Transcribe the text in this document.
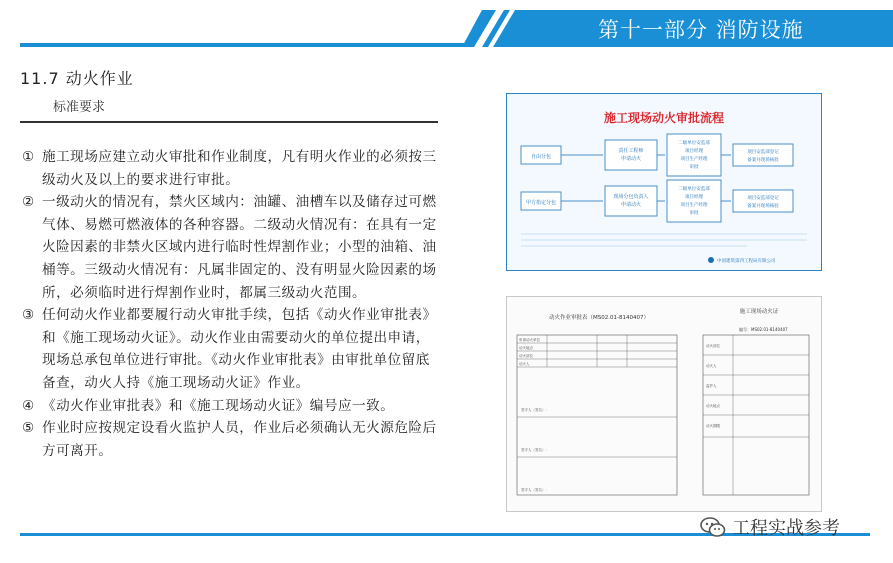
第十一部分 消防设施
11.7 动火作业
标准要求
① 施工现场应建立动火审批和作业制度，凡有明火作业的必须按三级动火及以上的要求进行审批。
② 一级动火的情况有，禁火区域内：油罐、油槽车以及储存过可燃气体、易燃可燃液体的各种容器。二级动火情况有：在具有一定火险因素的非禁火区域内进行临时性焊割作业；小型的油箱、油桶等。三级动火情况有：凡属非固定的、没有明显火险因素的场所，必须临时进行焊割作业时，都属三级动火范围。
③ 任何动火作业都要履行动火审批手续，包括《动火作业审批表》和《施工现场动火证》。动火作业由需要动火的单位提出申请，现场总承包单位进行审批。《动火作业审批表》由审批单位留底备查，动火人持《施工现场动火证》作业。
④ 《动火作业审批表》和《施工现场动火证》编号应一致。
⑤ 作业时应按规定设看火监护人员，作业后必须确认无火源危险后方可离开。
施工现场动火审批流程
自由分包
责任工程师
申请动火
二级单位安监部
项目经理
项目生产经理
审批
项目安监部登记
备案并现场核验
甲方指定分包
现场分包负责人
申请动火
二级单位安监部
项目经理
项目生产经理
审批
项目安监部登记
备案并现场核验
中国建筑第四工程局有限公司
动火作业审批表（MS02.01-8140407）
施工现场动火证
编号：MS02.01-8140407
申请动火单位
动火地点
动火部位
动火人
签字人（签名）：
签字人（签名）：
签字人（签名）：
动火部位
动火人
监护人
动火地点
动火期限
工程实战参考
